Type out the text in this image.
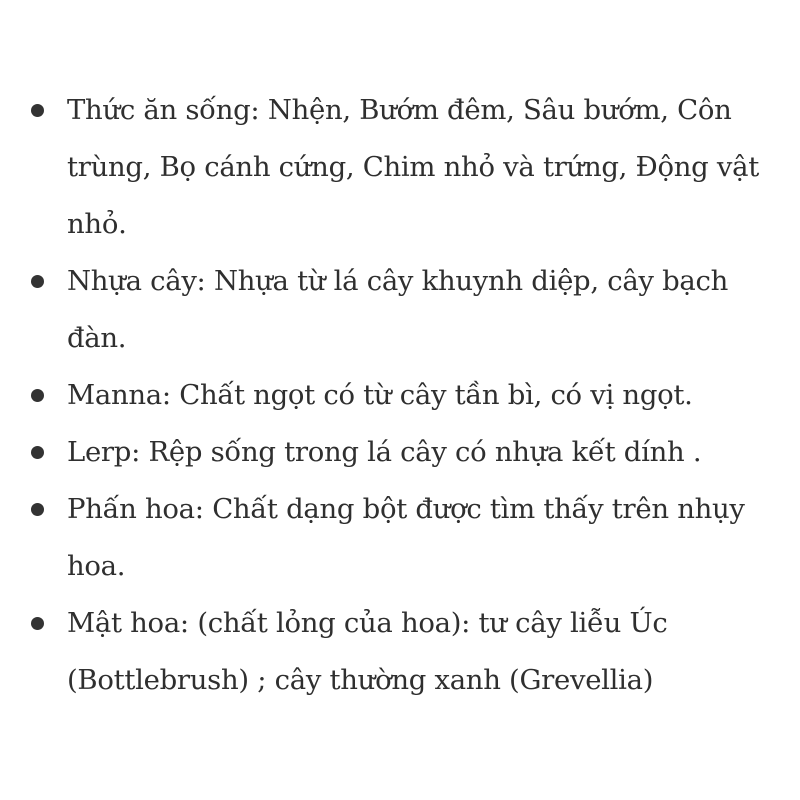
Thức ăn sống: Nhện, Bướm đêm, Sâu bướm, Côn trùng, Bọ cánh cứng, Chim nhỏ và trứng, Động vật nhỏ.
Nhựa cây: Nhựa từ lá cây khuynh diệp, cây bạch đàn.
Manna: Chất ngọt có từ cây tần bì, có vị ngọt.
Lerp: Rệp sống trong lá cây có nhựa kết dính .
Phấn hoa: Chất dạng bột được tìm thấy trên nhụy hoa.
Mật hoa: (chất lỏng của hoa): tư cây liễu Úc (Bottlebrush) ; cây thường xanh (Grevellia)
